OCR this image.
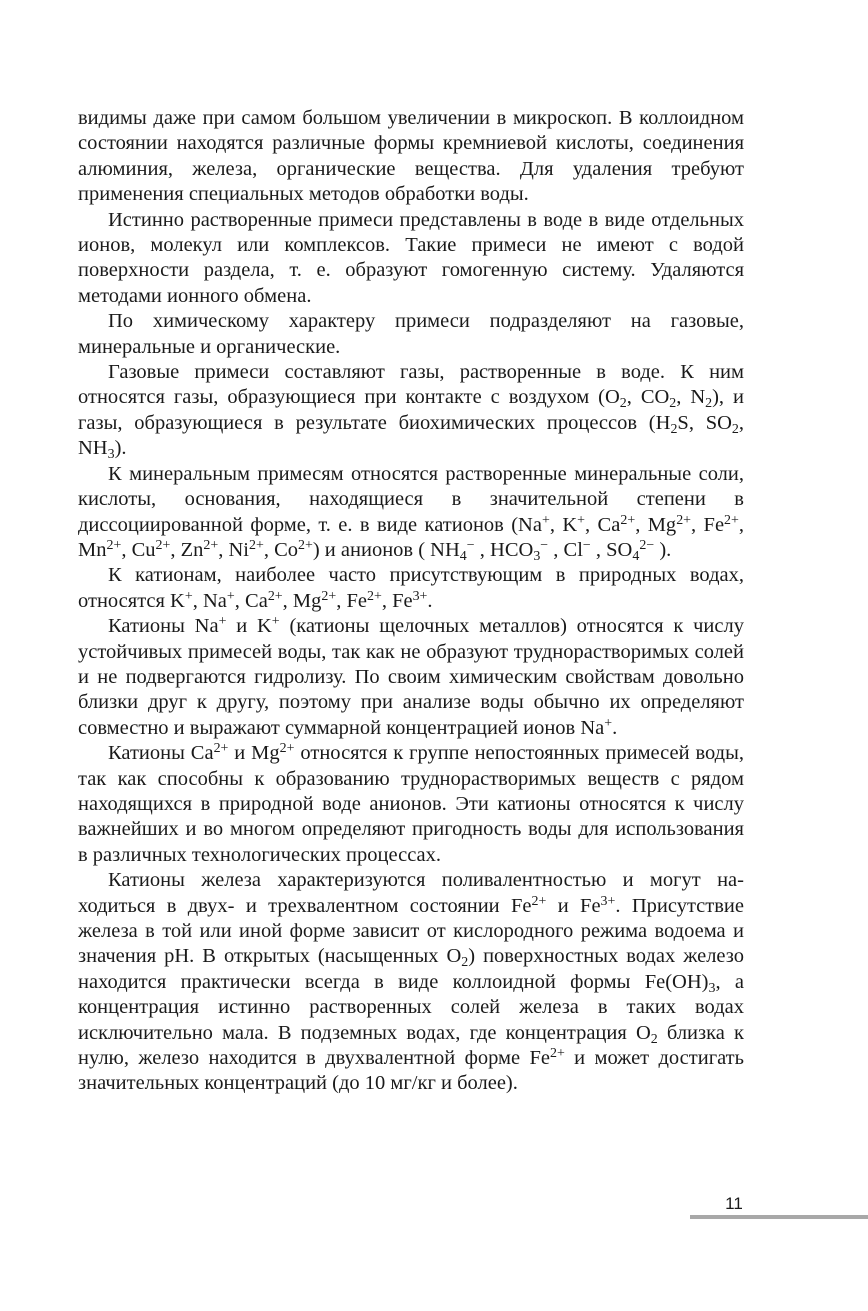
видимы даже при самом большом увеличении в микроскоп. В коллоидном состоянии находятся различные формы кремниевой кислоты, соединения алюминия, железа, органические вещества. Для удаления требуют применения специальных методов обработки воды.

Истинно растворенные примеси представлены в воде в виде отдельных ионов, молекул или комплексов. Такие примеси не имеют с водой поверхности раздела, т. е. образуют гомогенную систему. Удаляются методами ионного обмена.

По химическому характеру примеси подразделяют на газовые, минеральные и органические.

Газовые примеси составляют газы, растворенные в воде. К ним относятся газы, образующиеся при контакте с воздухом ($O_2$, $CO_2$, $N_2$), и газы, образующиеся в результате биохимических процессов ($H_2S$, $SO_2$, $NH_3$).

К минеральным примесям относятся растворенные минеральные соли, кислоты, основания, находящиеся в значительной степени в диссоциированной форме, т. е. в виде катионов (Na+, K+, $Ca^{2+}$, $Mg^{2+}$, $Fe^{2+}$, $Mn^{2+}$, $Cu^{2+}$, $Zn^{2+}$, $Ni^{2+}$, $Co^{2+}$) и анионов ( $NH_4^-$ , $HCO_3^-$ , Cl− , $SO_4^{2-}$ ).

К катионам, наиболее часто присутствующим в природных водах, относятся K+, Na+, $Ca^{2+}$, $Mg^{2+}$, $Fe^{2+}$, $Fe^{3+}$.

Катионы Na+ и K+ (катионы щелочных металлов) относятся к числу устойчивых примесей воды, так как не образуют труднорастворимых солей и не подвергаются гидролизу. По своим химическим свойствам довольно близки друг к другу, поэтому при анализе воды обычно их определяют совместно и выражают суммарной концентрацией ионов Na+.

Катионы $Ca^{2+}$ и $Mg^{2+}$ относятся к группе непостоянных примесей воды, так как способны к образованию труднорастворимых веществ с рядом находящихся в природной воде анионов. Эти катионы относятся к числу важнейших и во многом определяют пригодность воды для использования в различных технологических процессах.

Катионы железа характеризуются поливалентностью и могут находиться в двух- и трехвалентном состоянии $Fe^{2+}$ и $Fe^{3+}$. Присутствие железа в той или иной форме зависит от кислородного режима водоема и значения pH. В открытых (насыщенных $O_2$) поверхностных водах железо находится практически всегда в виде коллоидной формы $Fe(OH)_3$, а концентрация истинно растворенных солей железа в таких водах исключительно мала. В подземных водах, где концентрация $O_2$ близка к нулю, железо находится в двухвалентной форме $Fe^{2+}$ и может достигать значительных концентраций (до 10 мг/кг и более).

11
